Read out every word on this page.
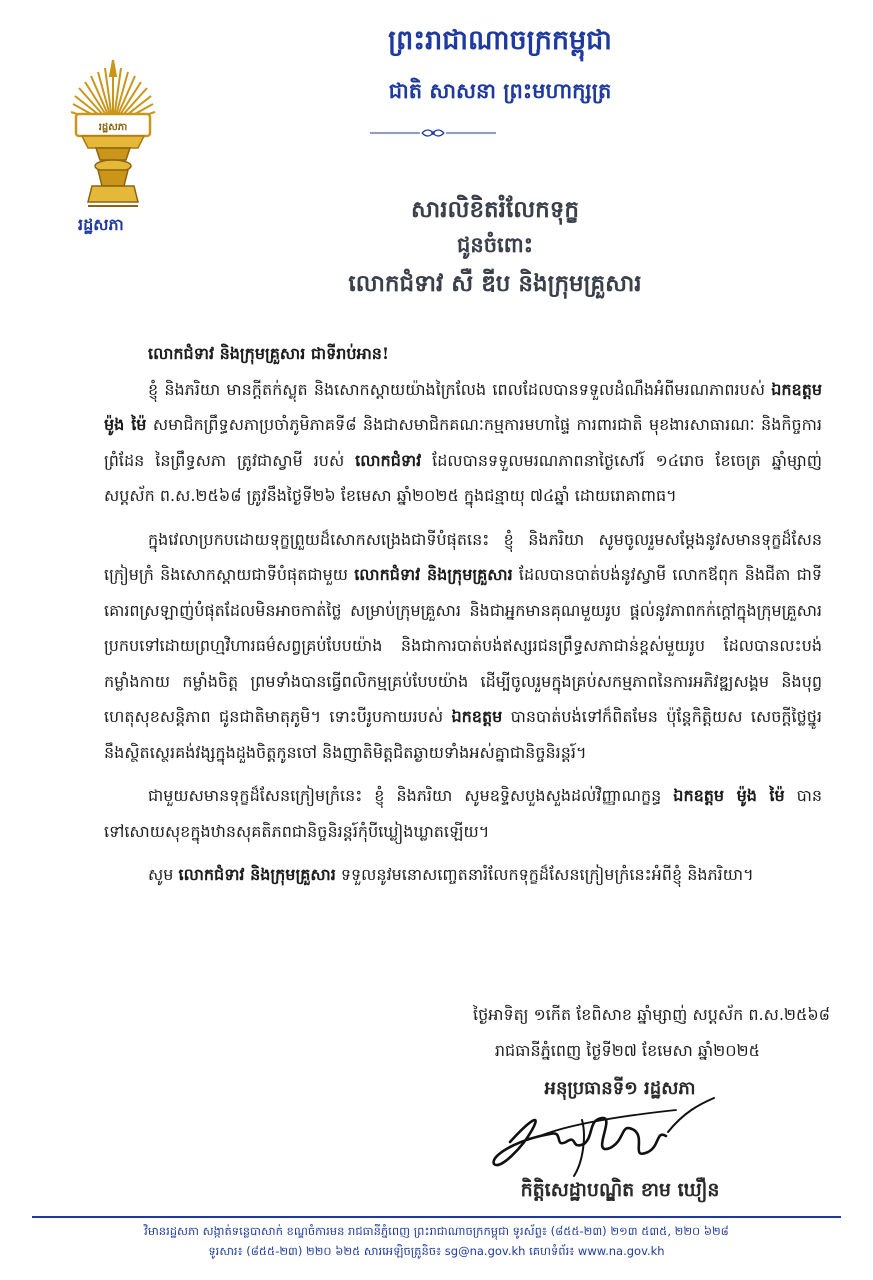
រដ្ឋសភា
រដ្ឋសភា
ព្រះរាជាណាចក្រកម្ពុជា
ជាតិ សាសនា ព្រះមហាក្សត្រ
សារលិខិតរំលែកទុក្ខ
ជូនចំពោះ
លោកជំទាវ សឺ ឌីប និងក្រុមគ្រួសារ

លោកជំទាវ និងក្រុមគ្រួសារ ជាទីរាប់អាន!

ខ្ញុំ និងភរិយា មានក្តីតក់ស្លុត និងសោកស្តាយយ៉ាងក្រៃលែង ពេលដែលបានទទួលដំណឹងអំពីមរណភាពរបស់ ឯកឧត្តម ម៉ូង ម៉ៃ សមាជិកព្រឹទ្ធសភាប្រចាំភូមិភាគទី៨ និងជាសមាជិកគណៈកម្មការមហាផ្ទៃ ការពារជាតិ មុខងារសាធារណៈ និងកិច្ចការព្រំដែន នៃព្រឹទ្ធសភា ត្រូវជាស្វាមី របស់ លោកជំទាវ ដែលបានទទួលមរណភាពនាថ្ងៃសៅរ៍ ១៤រោច ខែចេត្រ ឆ្នាំម្សាញ់ សប្តស័ក ព.ស.២៥៦៨ ត្រូវនឹងថ្ងៃទី២៦ ខែមេសា ឆ្នាំ២០២៥ ក្នុងជន្មាយុ ៧៤ឆ្នាំ ដោយរោគាពាធ។

ក្នុងវេលាប្រកបដោយទុក្ខព្រួយដ៏សោកសង្រេងជាទីបំផុតនេះ ខ្ញុំ និងភរិយា សូមចូលរួមសម្តែងនូវសមានទុក្ខដ៏សែនក្រៀមក្រំ និងសោកស្តាយជាទីបំផុតជាមួយ លោកជំទាវ និងក្រុមគ្រួសារ ដែលបានបាត់បង់នូវស្វាមី លោកឪពុក និងជីតា ជាទីគោរពស្រឡាញ់បំផុតដែលមិនអាចកាត់ថ្លៃ សម្រាប់ក្រុមគ្រួសារ និងជាអ្នកមានគុណមួយរូប ផ្តល់នូវភាពកក់ក្តៅក្នុងក្រុមគ្រួសារប្រកបទៅដោយព្រហ្មវិហារធម៌សព្វគ្រប់បែបយ៉ាង និងជាការបាត់បង់ឥស្សរជនព្រឹទ្ធសភាជាន់ខ្ពស់មួយរូប ដែលបានលះបង់កម្លាំងកាយ កម្លាំងចិត្ត ព្រមទាំងបានធ្វើពលិកម្មគ្រប់បែបយ៉ាង ដើម្បីចូលរួមក្នុងគ្រប់សកម្មភាពនៃការអភិវឌ្ឍសង្គម និងបុព្វហេតុសុខសន្តិភាព ជូនជាតិមាតុភូមិ។ ទោះបីរូបកាយរបស់ ឯកឧត្តម បានបាត់បង់ទៅក៏ពិតមែន ប៉ុន្តែកិត្តិយស សេចក្តីថ្លៃថ្នូរ នឹងស្ថិតស្ថេរគង់វង្សក្នុងដួងចិត្តកូនចៅ និងញាតិមិត្តជិតឆ្ងាយទាំងអស់គ្នាជានិច្ចនិរន្តរ៍។

ជាមួយសមានទុក្ខដ៏សែនក្រៀមក្រំនេះ ខ្ញុំ និងភរិយា សូមឧទ្ទិសបួងសួងដល់វិញ្ញាណក្ខន្ធ ឯកឧត្តម ម៉ូង ម៉ៃ បានទៅសោយសុខក្នុងឋានសុគតិភពជានិច្ចនិរន្តរ៍កុំបីឃ្លៀងឃ្លាតឡើយ។

សូម លោកជំទាវ និងក្រុមគ្រួសារ ទទួលនូវមនោសញ្ចេតនារំលែកទុក្ខដ៏សែនក្រៀមក្រំនេះអំពីខ្ញុំ និងភរិយា។

ថ្ងៃអាទិត្យ ១កើត ខែពិសាខ ឆ្នាំម្សាញ់ សប្តស័ក ព.ស.២៥៦៨
រាជធានីភ្នំពេញ ថ្ងៃទី២៧ ខែមេសា ឆ្នាំ២០២៥
អនុប្រធានទី១ រដ្ឋសភា
កិត្តិសេដ្ឋាបណ្ឌិត ខាម ឃឿន
វិមានរដ្ឋសភា សង្កាត់ទន្លេបាសាក់ ខណ្ឌចំការមន រាជធានីភ្នំពេញ ព្រះរាជាណាចក្រកម្ពុជា ទូរស័ព្ទ៖ (៨៥៥-២៣) ២១៣ ៥៣៥, ២២០ ៦២៨
ទូរសារ៖ (៨៥៥-២៣) ២២០ ៦២៥ សារអេឡិចត្រូនិច៖ sg@na.gov.kh គេហទំព័រ៖ www.na.gov.kh
